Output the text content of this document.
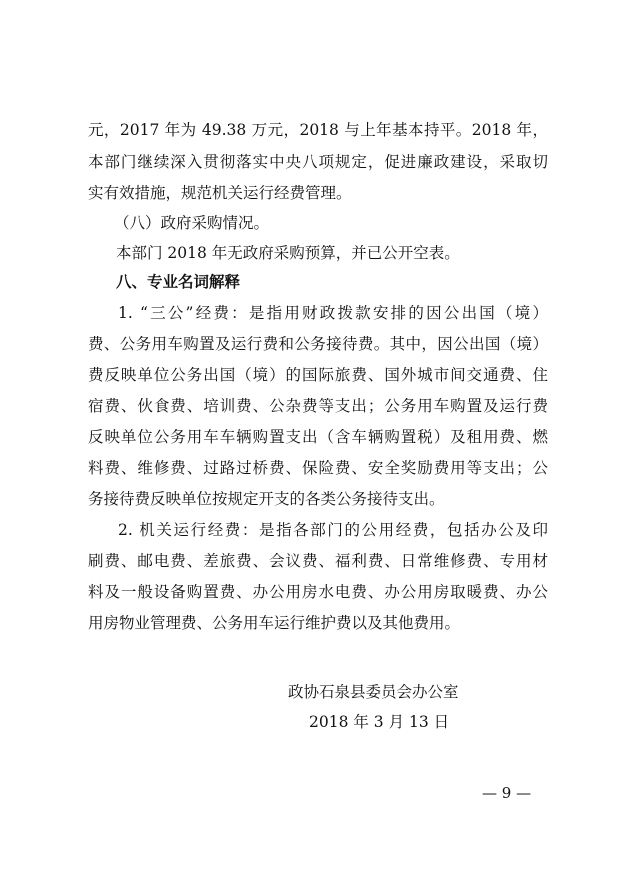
元，2017 年为 49.38 万元，2018 与上年基本持平。2018 年，
本部门继续深入贯彻落实中央八项规定，促进廉政建设，采取切
实有效措施，规范机关运行经费管理。
（八）政府采购情况。
本部门 2018 年无政府采购预算，并已公开空表。
八、专业名词解释
1. “三公”经费：是指用财政拨款安排的因公出国（境）
费、公务用车购置及运行费和公务接待费。其中，因公出国（境）
费反映单位公务出国（境）的国际旅费、国外城市间交通费、住
宿费、伙食费、培训费、公杂费等支出；公务用车购置及运行费
反映单位公务用车车辆购置支出（含车辆购置税）及租用费、燃
料费、维修费、过路过桥费、保险费、安全奖励费用等支出；公
务接待费反映单位按规定开支的各类公务接待支出。
2. 机关运行经费：是指各部门的公用经费，包括办公及印
刷费、邮电费、差旅费、会议费、福利费、日常维修费、专用材
料及一般设备购置费、办公用房水电费、办公用房取暖费、办公
用房物业管理费、公务用车运行维护费以及其他费用。
政协石泉县委员会办公室
2018 年 3 月 13 日
— 9 —
